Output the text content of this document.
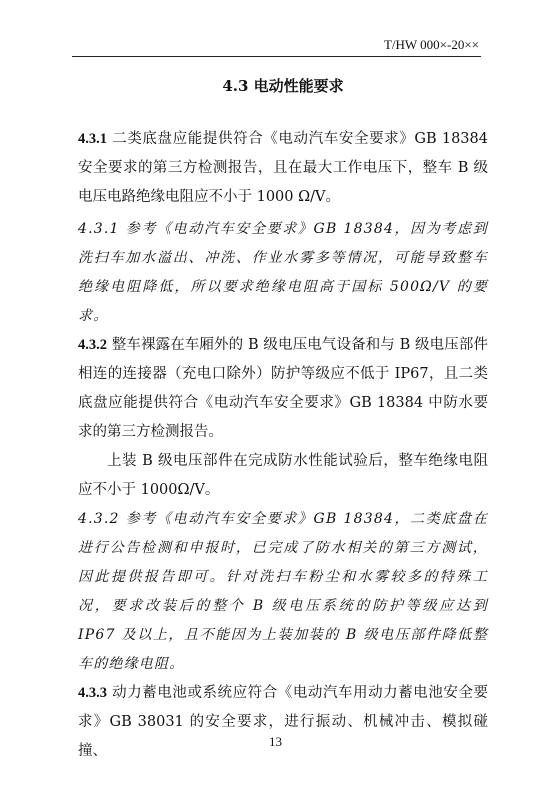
T/HW 000×-20××
4.3 电动性能要求

4.3.1 二类底盘应能提供符合《电动汽车安全要求》GB 18384 安全要求的第三方检测报告，且在最大工作电压下，整车 B 级电压电路绝缘电阻应不小于 1000 Ω/V。

4.3.1 参考《电动汽车安全要求》GB 18384，因为考虑到洗扫车加水溢出、冲洗、作业水雾多等情况，可能导致整车绝缘电阻降低，所以要求绝缘电阻高于国标 500Ω/V 的要求。

4.3.2 整车裸露在车厢外的 B 级电压电气设备和与 B 级电压部件相连的连接器（充电口除外）防护等级应不低于 IP67，且二类底盘应能提供符合《电动汽车安全要求》GB 18384 中防水要求的第三方检测报告。

上装 B 级电压部件在完成防水性能试验后，整车绝缘电阻应不小于 1000Ω/V。

4.3.2 参考《电动汽车安全要求》GB 18384，二类底盘在进行公告检测和申报时，已完成了防水相关的第三方测试，因此提供报告即可。针对洗扫车粉尘和水雾较多的特殊工况，要求改装后的整个 B 级电压系统的防护等级应达到 IP67 及以上，且不能因为上装加装的 B 级电压部件降低整车的绝缘电阻。

4.3.3 动力蓄电池或系统应符合《电动汽车用动力蓄电池安全要求》GB 38031 的安全要求，进行振动、机械冲击、模拟碰撞、

13
